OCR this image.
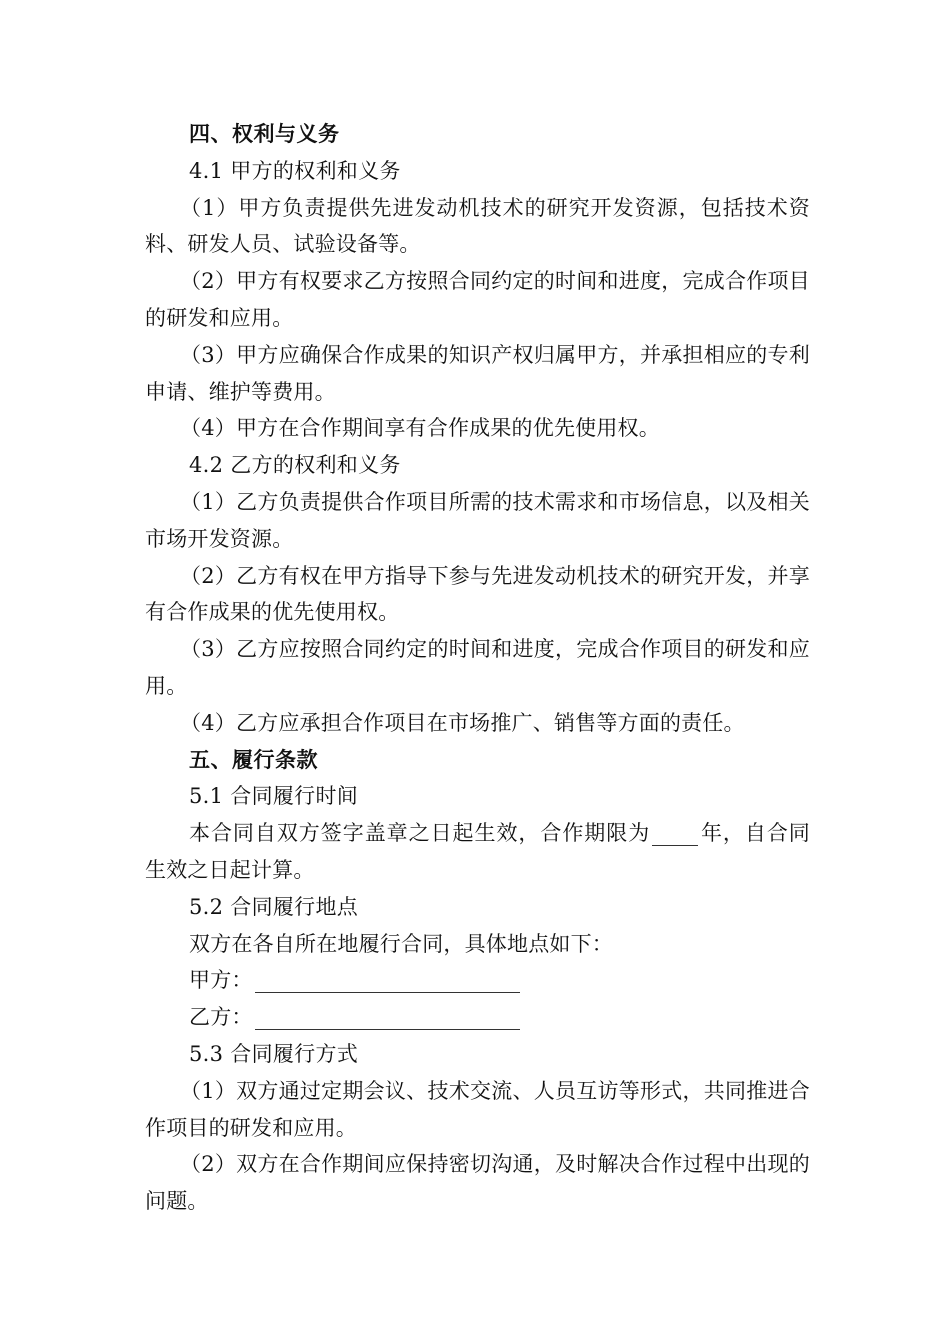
四、权利与义务

4.1 甲方的权利和义务

（1）甲方负责提供先进发动机技术的研究开发资源，包括技术资料、研发人员、试验设备等。

（2）甲方有权要求乙方按照合同约定的时间和进度，完成合作项目的研发和应用。

（3）甲方应确保合作成果的知识产权归属甲方，并承担相应的专利申请、维护等费用。

（4）甲方在合作期间享有合作成果的优先使用权。

4.2 乙方的权利和义务

（1）乙方负责提供合作项目所需的技术需求和市场信息，以及相关市场开发资源。

（2）乙方有权在甲方指导下参与先进发动机技术的研究开发，并享有合作成果的优先使用权。

（3）乙方应按照合同约定的时间和进度，完成合作项目的研发和应用。

（4）乙方应承担合作项目在市场推广、销售等方面的责任。

五、履行条款

5.1 合同履行时间

本合同自双方签字盖章之日起生效，合作期限为 年，自合同生效之日起计算。

5.2 合同履行地点

双方在各自所在地履行合同，具体地点如下：

甲方：

乙方：

5.3 合同履行方式

（1）双方通过定期会议、技术交流、人员互访等形式，共同推进合作项目的研发和应用。

（2）双方在合作期间应保持密切沟通，及时解决合作过程中出现的问题。
